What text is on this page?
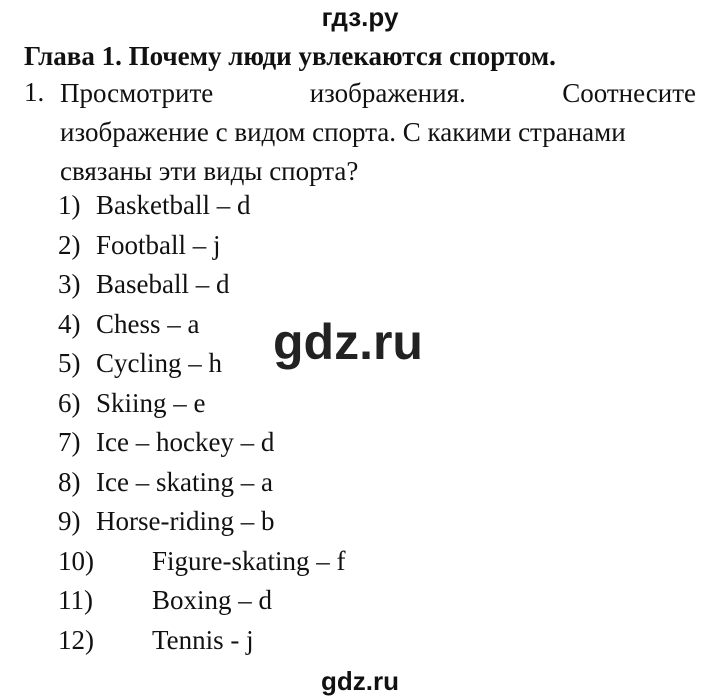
гдз.ру
Глава 1. Почему люди увлекаются спортом.
1. Просмотрите	изображения.	Соотнесите
изображение с видом спорта. С какими странами
связаны эти виды спорта?
1) Basketball – d
2) Football – j
3) Baseball – d
4) Chess – a
5) Cycling – h
6) Skiing – e
7) Ice – hockey – d
8) Ice – skating – a
9) Horse-riding – b
10)	Figure-skating – f
11)	Boxing – d
12)	Tennis - j
gdz.ru
gdz.ru
